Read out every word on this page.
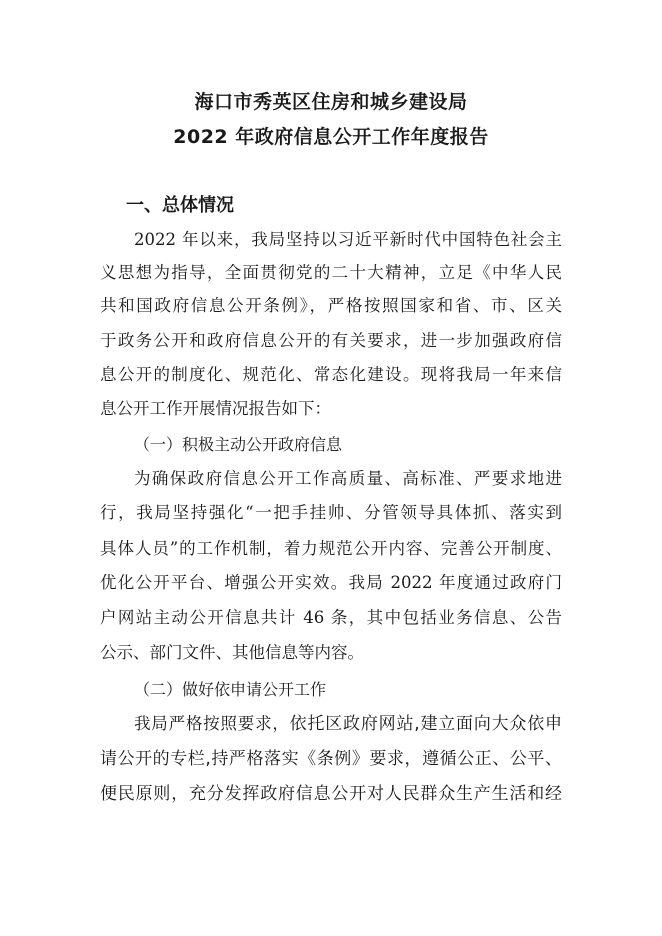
海口市秀英区住房和城乡建设局
2022 年政府信息公开工作年度报告
一、总体情况
2022 年以来，我局坚持以习近平新时代中国特色社会主
义思想为指导，全面贯彻党的二十大精神，立足《中华人民
共和国政府信息公开条例》，严格按照国家和省、市、区关
于政务公开和政府信息公开的有关要求，进一步加强政府信
息公开的制度化、规范化、常态化建设。现将我局一年来信
息公开工作开展情况报告如下：
（一）积极主动公开政府信息
为确保政府信息公开工作高质量、高标准、严要求地进
行，我局坚持强化“一把手挂帅、分管领导具体抓、落实到
具体人员”的工作机制，着力规范公开内容、完善公开制度、
优化公开平台、增强公开实效。我局 2022 年度通过政府门
户网站主动公开信息共计 46 条，其中包括业务信息、公告
公示、部门文件、其他信息等内容。
（二）做好依申请公开工作
我局严格按照要求，依托区政府网站,建立面向大众依申
请公开的专栏,持严格落实《条例》要求，遵循公正、公平、
便民原则，充分发挥政府信息公开对人民群众生产生活和经
